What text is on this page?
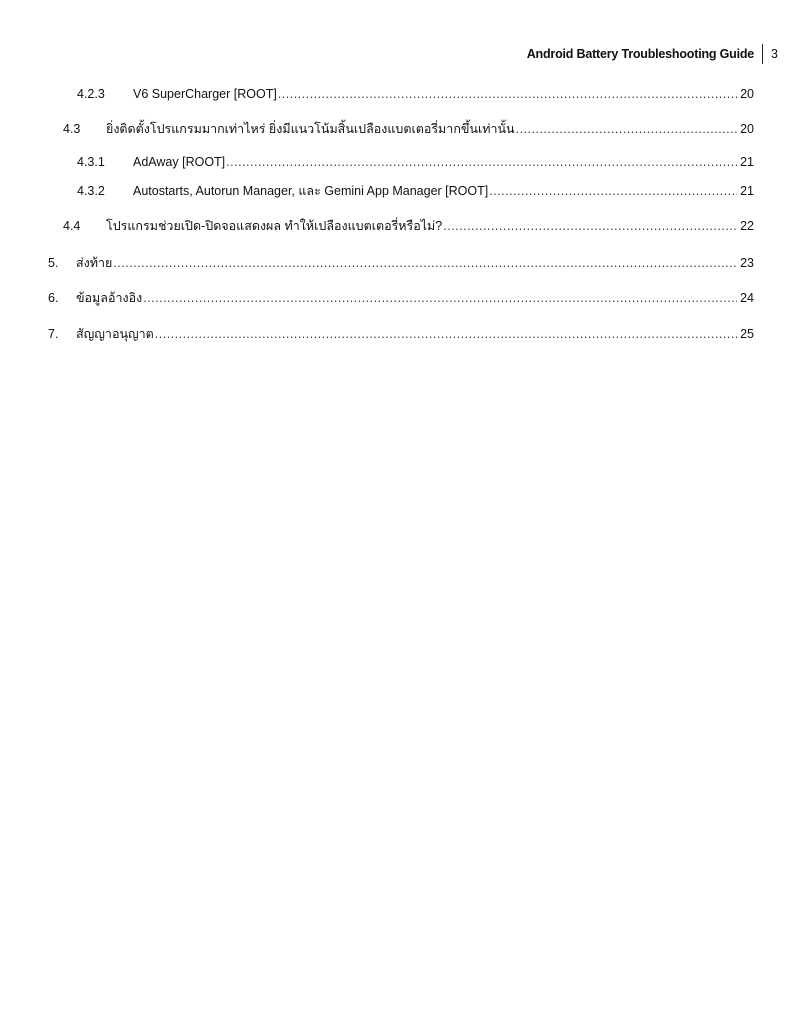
Android Battery Troubleshooting Guide	3
4.2.3	V6 SuperCharger [ROOT] .....	20
4.3	ยิ่งติดตั้งโปรแกรมมากเท่าไหร่ ยิ่งมีแนวโน้มสิ้นเปลืองแบตเตอรี่มากขึ้นเท่านั้น .....	20
4.3.1	AdAway [ROOT] .....	21
4.3.2	Autostarts, Autorun Manager, และ Gemini App Manager [ROOT] .....	21
4.4	โปรแกรมช่วยเปิด-ปิดจอแสดงผล ทำให้เปลืองแบตเตอรี่หรือไม่? .....	22
5.	ส่งท้าย .....	23
6.	ข้อมูลอ้างอิง .....	24
7.	สัญญาอนุญาต .....	25
